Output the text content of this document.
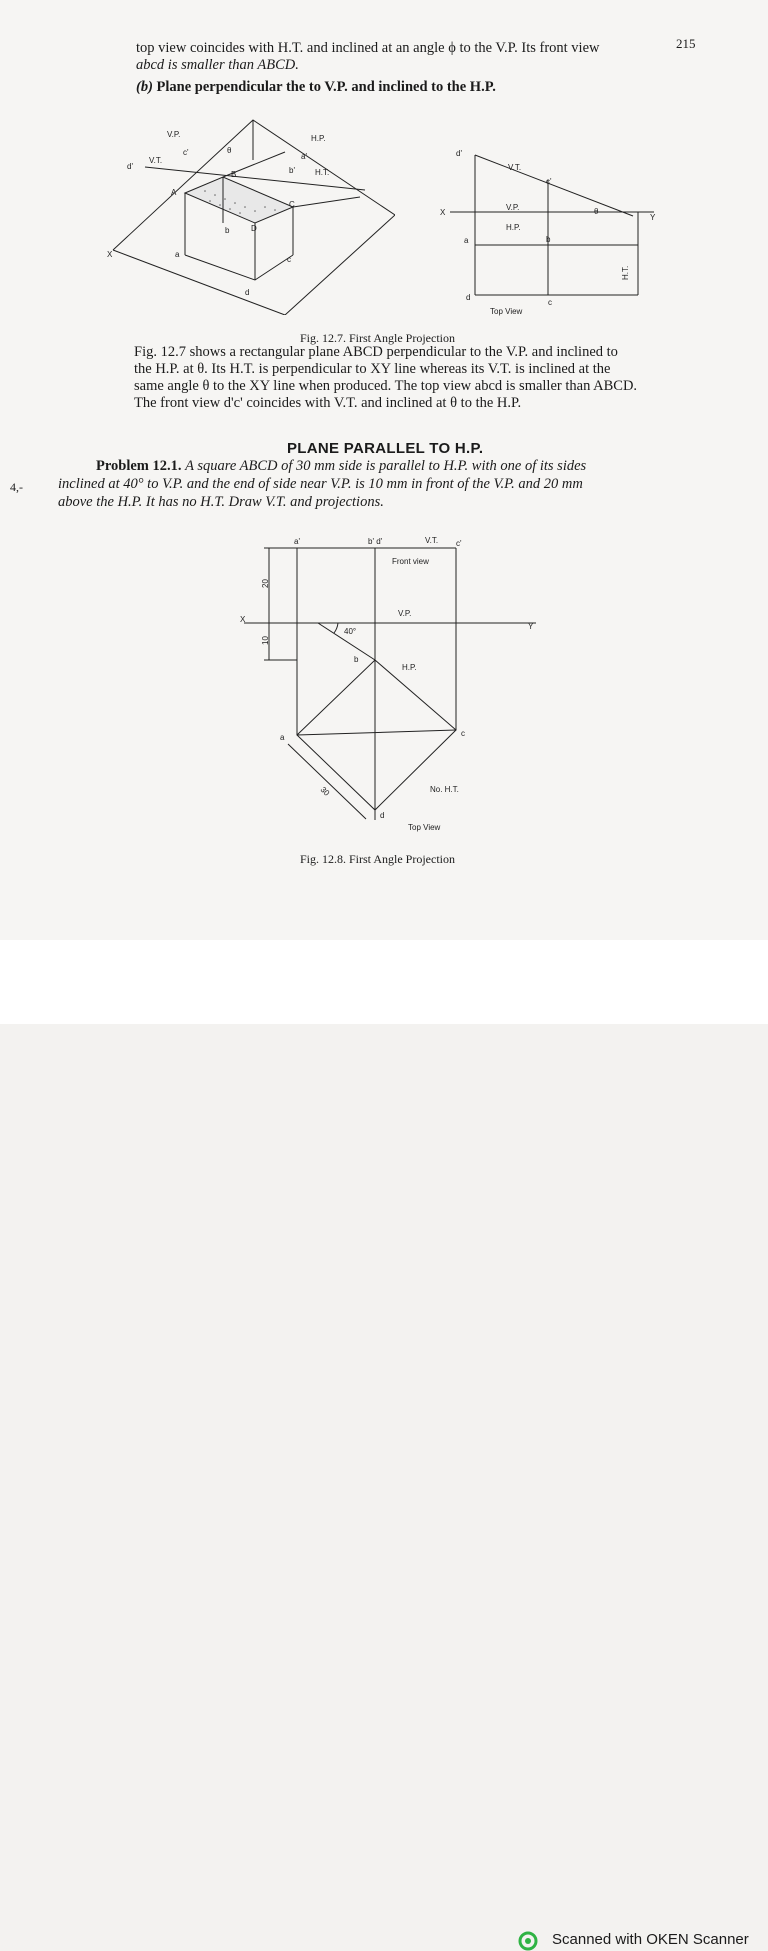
top view coincides with H.T. and inclined at an angle ϕ to the V.P. Its front view	215
abcd is smaller than ABCD.
(b) Plane perpendicular the to V.P. and inclined to the H.P.
V.P.
V.T.
c'
d'
θ
B
A
C
D
b
a
c
d
b'
a'
H.T.
H.P.
X
d'
V.T.
c'
X
V.P.
H.P.
θ
Y
a	b
H.T.
d
c
Top View
Fig. 12.7. First Angle Projection
Fig. 12.7 shows a rectangular plane ABCD perpendicular to the V.P. and inclined to
the H.P. at θ. Its H.T. is perpendicular to XY line whereas its V.T. is inclined at the
same angle θ to the XY line when produced. The top view abcd is smaller than ABCD.
The front view d'c' coincides with V.T. and inclined at θ to the H.P.
PLANE PARALLEL TO H.P.
Problem 12.1. A square ABCD of 30 mm side is parallel to H.P. with one of its sides
inclined at 40° to V.P. and the end of side near V.P. is 10 mm in front of the V.P. and 20 mm
above the H.P. It has no H.T. Draw V.T. and projections.
4,-
a'	b' d'	V.T. c'
Front view
20
10
X
Y
V.P.
40°
b
H.P.
a	c
d
30	No. H.T.
Top View
Fig. 12.8. First Angle Projection
Scanned with OKEN Scanner
